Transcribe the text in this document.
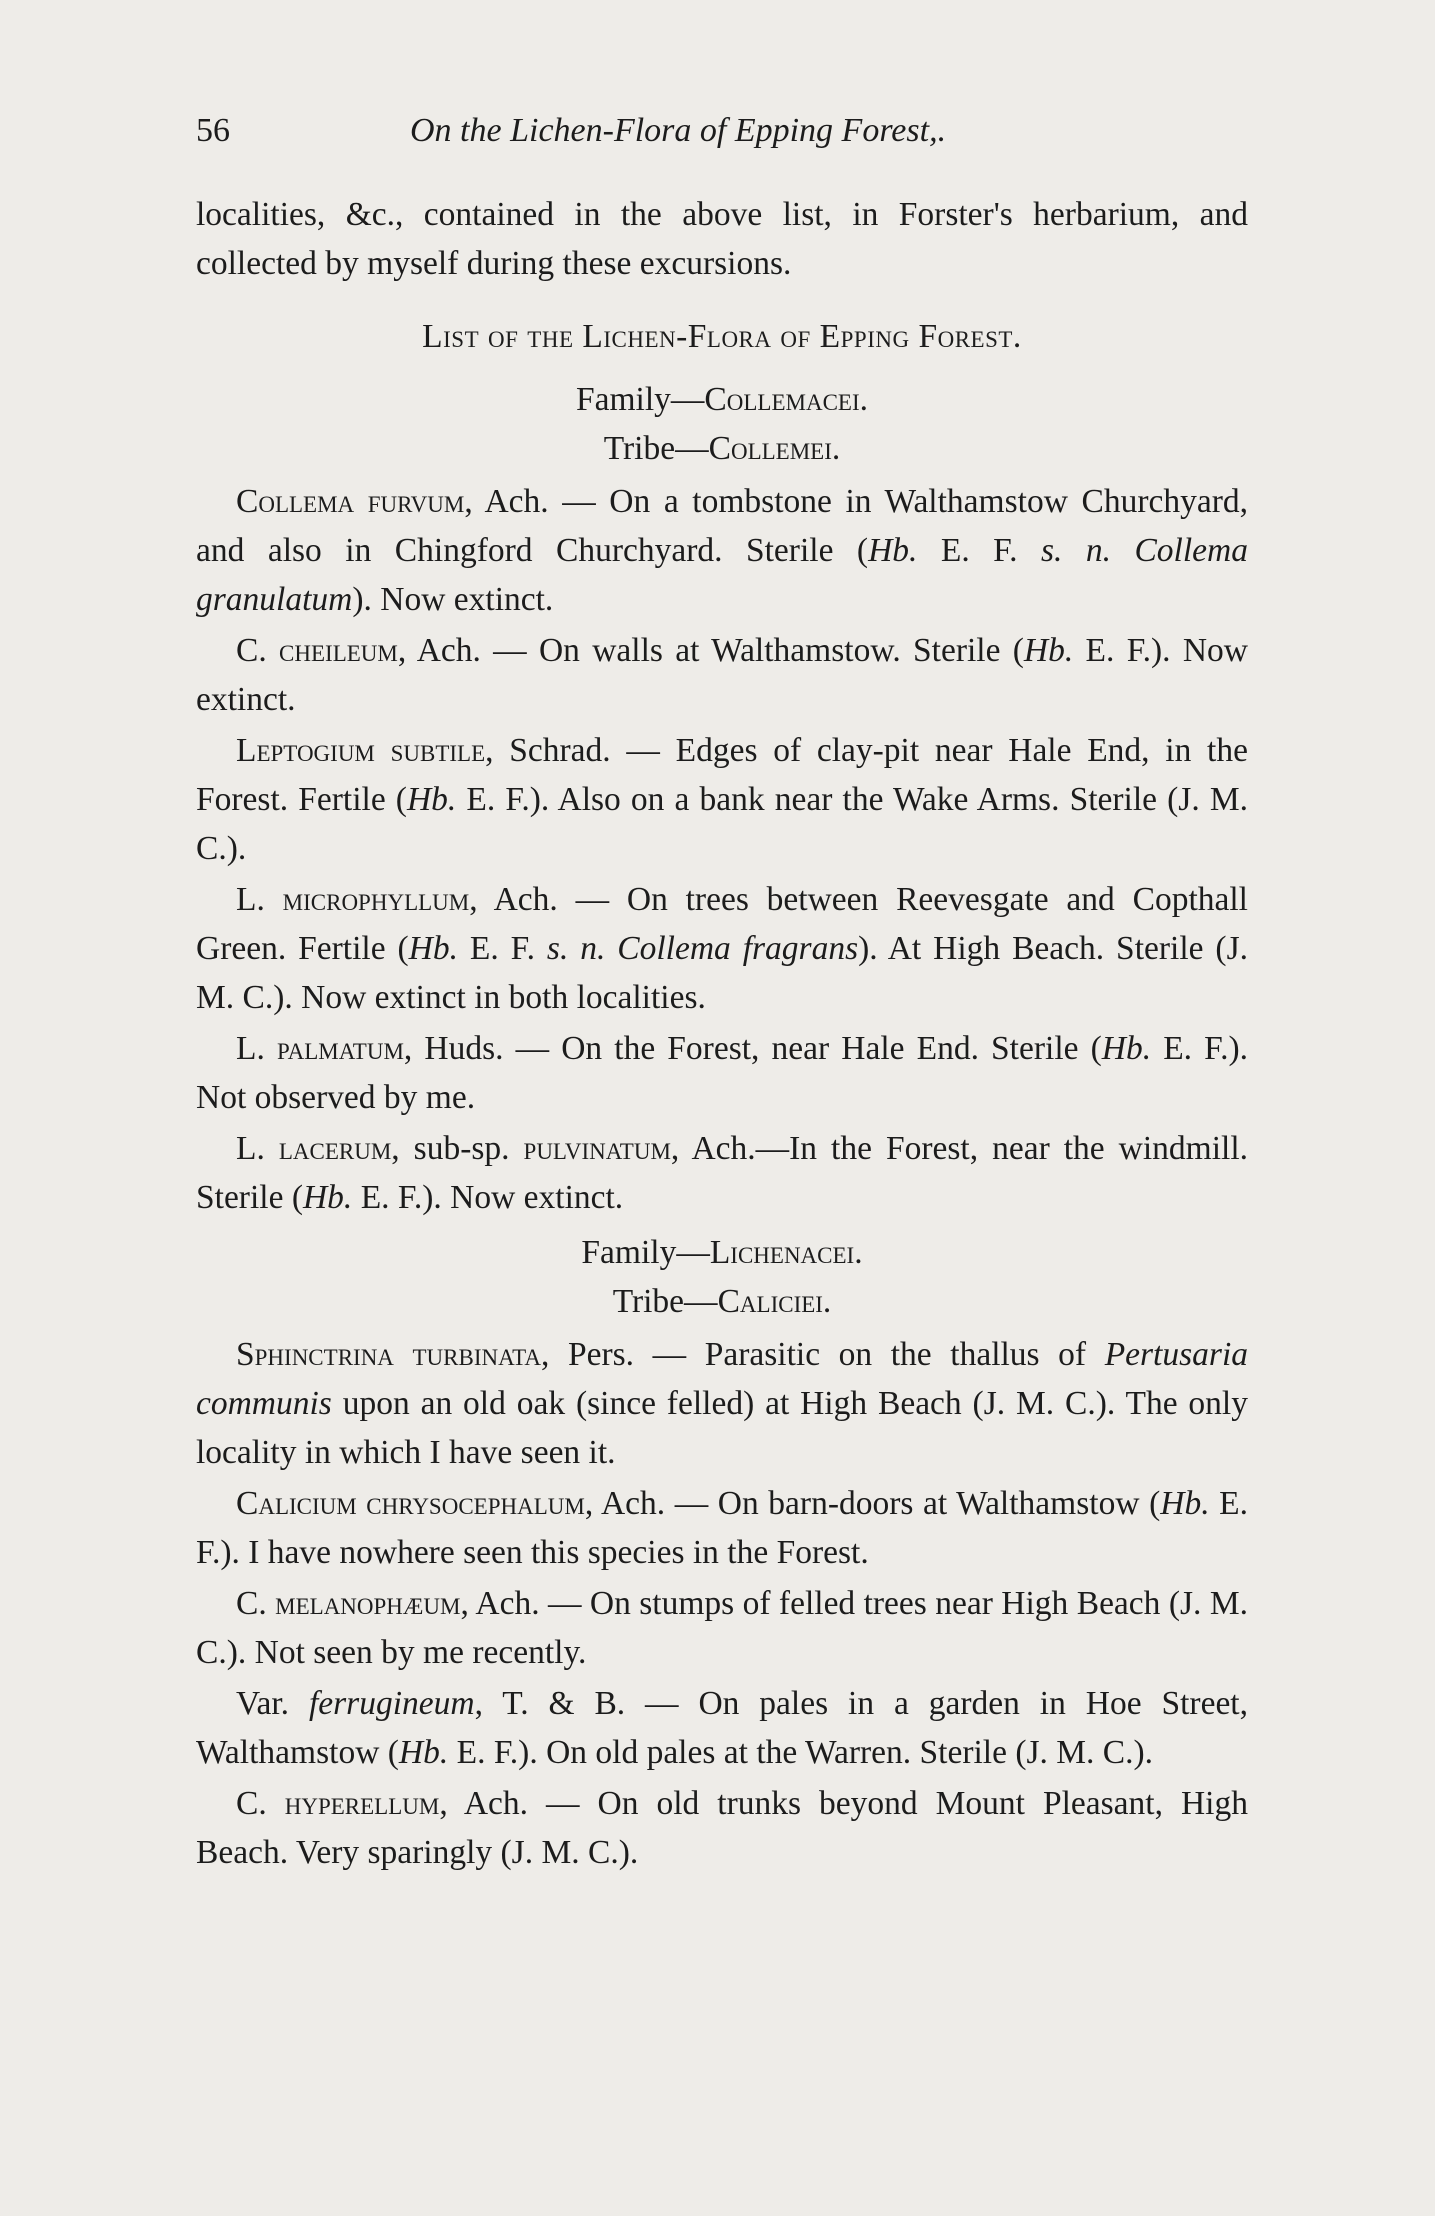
56	On the Lichen-Flora of Epping Forest,.

localities, &c., contained in the above list, in Forster's herbarium, and collected by myself during these excursions.

List of the Lichen-Flora of Epping Forest.
Family—Collemacei.
Tribe—Collemei.

Collema furvum, Ach. — On a tombstone in Walthamstow Churchyard, and also in Chingford Churchyard. Sterile (Hb. E. F. s. n. Collema granulatum). Now extinct.

C. cheileum, Ach. — On walls at Walthamstow. Sterile (Hb. E. F.). Now extinct.

Leptogium subtile, Schrad. — Edges of clay-pit near Hale End, in the Forest. Fertile (Hb. E. F.). Also on a bank near the Wake Arms. Sterile (J. M. C.).

L. microphyllum, Ach. — On trees between Reevesgate and Copthall Green. Fertile (Hb. E. F. s. n. Collema fragrans). At High Beach. Sterile (J. M. C.). Now extinct in both localities.

L. palmatum, Huds. — On the Forest, near Hale End. Sterile (Hb. E. F.). Not observed by me.

L. lacerum, sub-sp. pulvinatum, Ach.—In the Forest, near the windmill. Sterile (Hb. E. F.). Now extinct.

Family—Lichenacei.
Tribe—Caliciei.

Sphinctrina turbinata, Pers. — Parasitic on the thallus of Pertusaria communis upon an old oak (since felled) at High Beach (J. M. C.). The only locality in which I have seen it.

Calicium chrysocephalum, Ach. — On barn-doors at Walthamstow (Hb. E. F.). I have nowhere seen this species in the Forest.

C. melanophæum, Ach. — On stumps of felled trees near High Beach (J. M. C.). Not seen by me recently.

Var. ferrugineum, T. & B. — On pales in a garden in Hoe Street, Walthamstow (Hb. E. F.). On old pales at the Warren. Sterile (J. M. C.).

C. hyperellum, Ach. — On old trunks beyond Mount Pleasant, High Beach. Very sparingly (J. M. C.).
